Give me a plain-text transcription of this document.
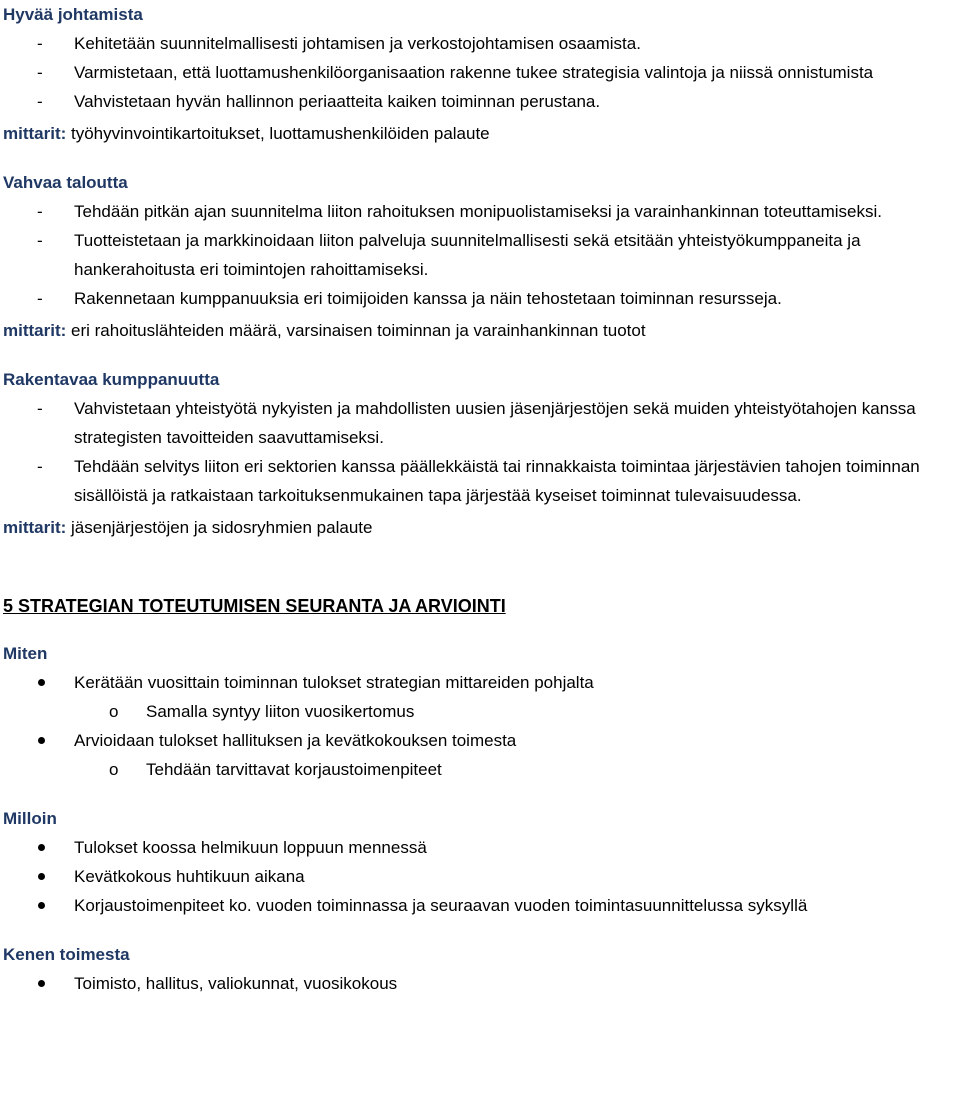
Hyvää johtamista
- Kehitetään suunnitelmallisesti johtamisen ja verkostojohtamisen osaamista.
- Varmistetaan, että luottamushenkilöorganisaation rakenne tukee strategisia valintoja ja niissä onnistumista
- Vahvistetaan hyvän hallinnon periaatteita kaiken toiminnan perustana.
mittarit: työhyvinvointikartoitukset, luottamushenkilöiden palaute
Vahvaa taloutta
- Tehdään pitkän ajan suunnitelma liiton rahoituksen monipuolistamiseksi ja varainhankinnan toteuttamiseksi.
- Tuotteistetaan ja markkinoidaan liiton palveluja suunnitelmallisesti sekä etsitään yhteistyökumppaneita ja hankerahoitusta eri toimintojen rahoittamiseksi.
- Rakennetaan kumppanuuksia eri toimijoiden kanssa ja näin tehostetaan toiminnan resursseja.
mittarit: eri rahoituslähteiden määrä, varsinaisen toiminnan ja varainhankinnan tuotot
Rakentavaa kumppanuutta
- Vahvistetaan yhteistyötä nykyisten ja mahdollisten uusien jäsenjärjestöjen sekä muiden yhteistyötahojen kanssa strategisten tavoitteiden saavuttamiseksi.
- Tehdään selvitys liiton eri sektorien kanssa päällekkäistä tai rinnakkaista toimintaa järjestävien tahojen toiminnan sisällöistä ja ratkaistaan tarkoituksenmukainen tapa järjestää kyseiset toiminnat tulevaisuudessa.
mittarit: jäsenjärjestöjen ja sidosryhmien palaute
5 STRATEGIAN TOTEUTUMISEN SEURANTA JA ARVIOINTI
Miten
Kerätään vuosittain toiminnan tulokset strategian mittareiden pohjalta
o Samalla syntyy liiton vuosikertomus
Arvioidaan tulokset hallituksen ja kevätkokouksen toimesta
o Tehdään tarvittavat korjaustoimenpiteet
Milloin
Tulokset koossa helmikuun loppuun mennessä
Kevätkokous huhtikuun aikana
Korjaustoimenpiteet ko. vuoden toiminnassa ja seuraavan vuoden toimintasuunnittelussa syksyllä
Kenen toimesta
Toimisto, hallitus, valiokunnat, vuosikokous
